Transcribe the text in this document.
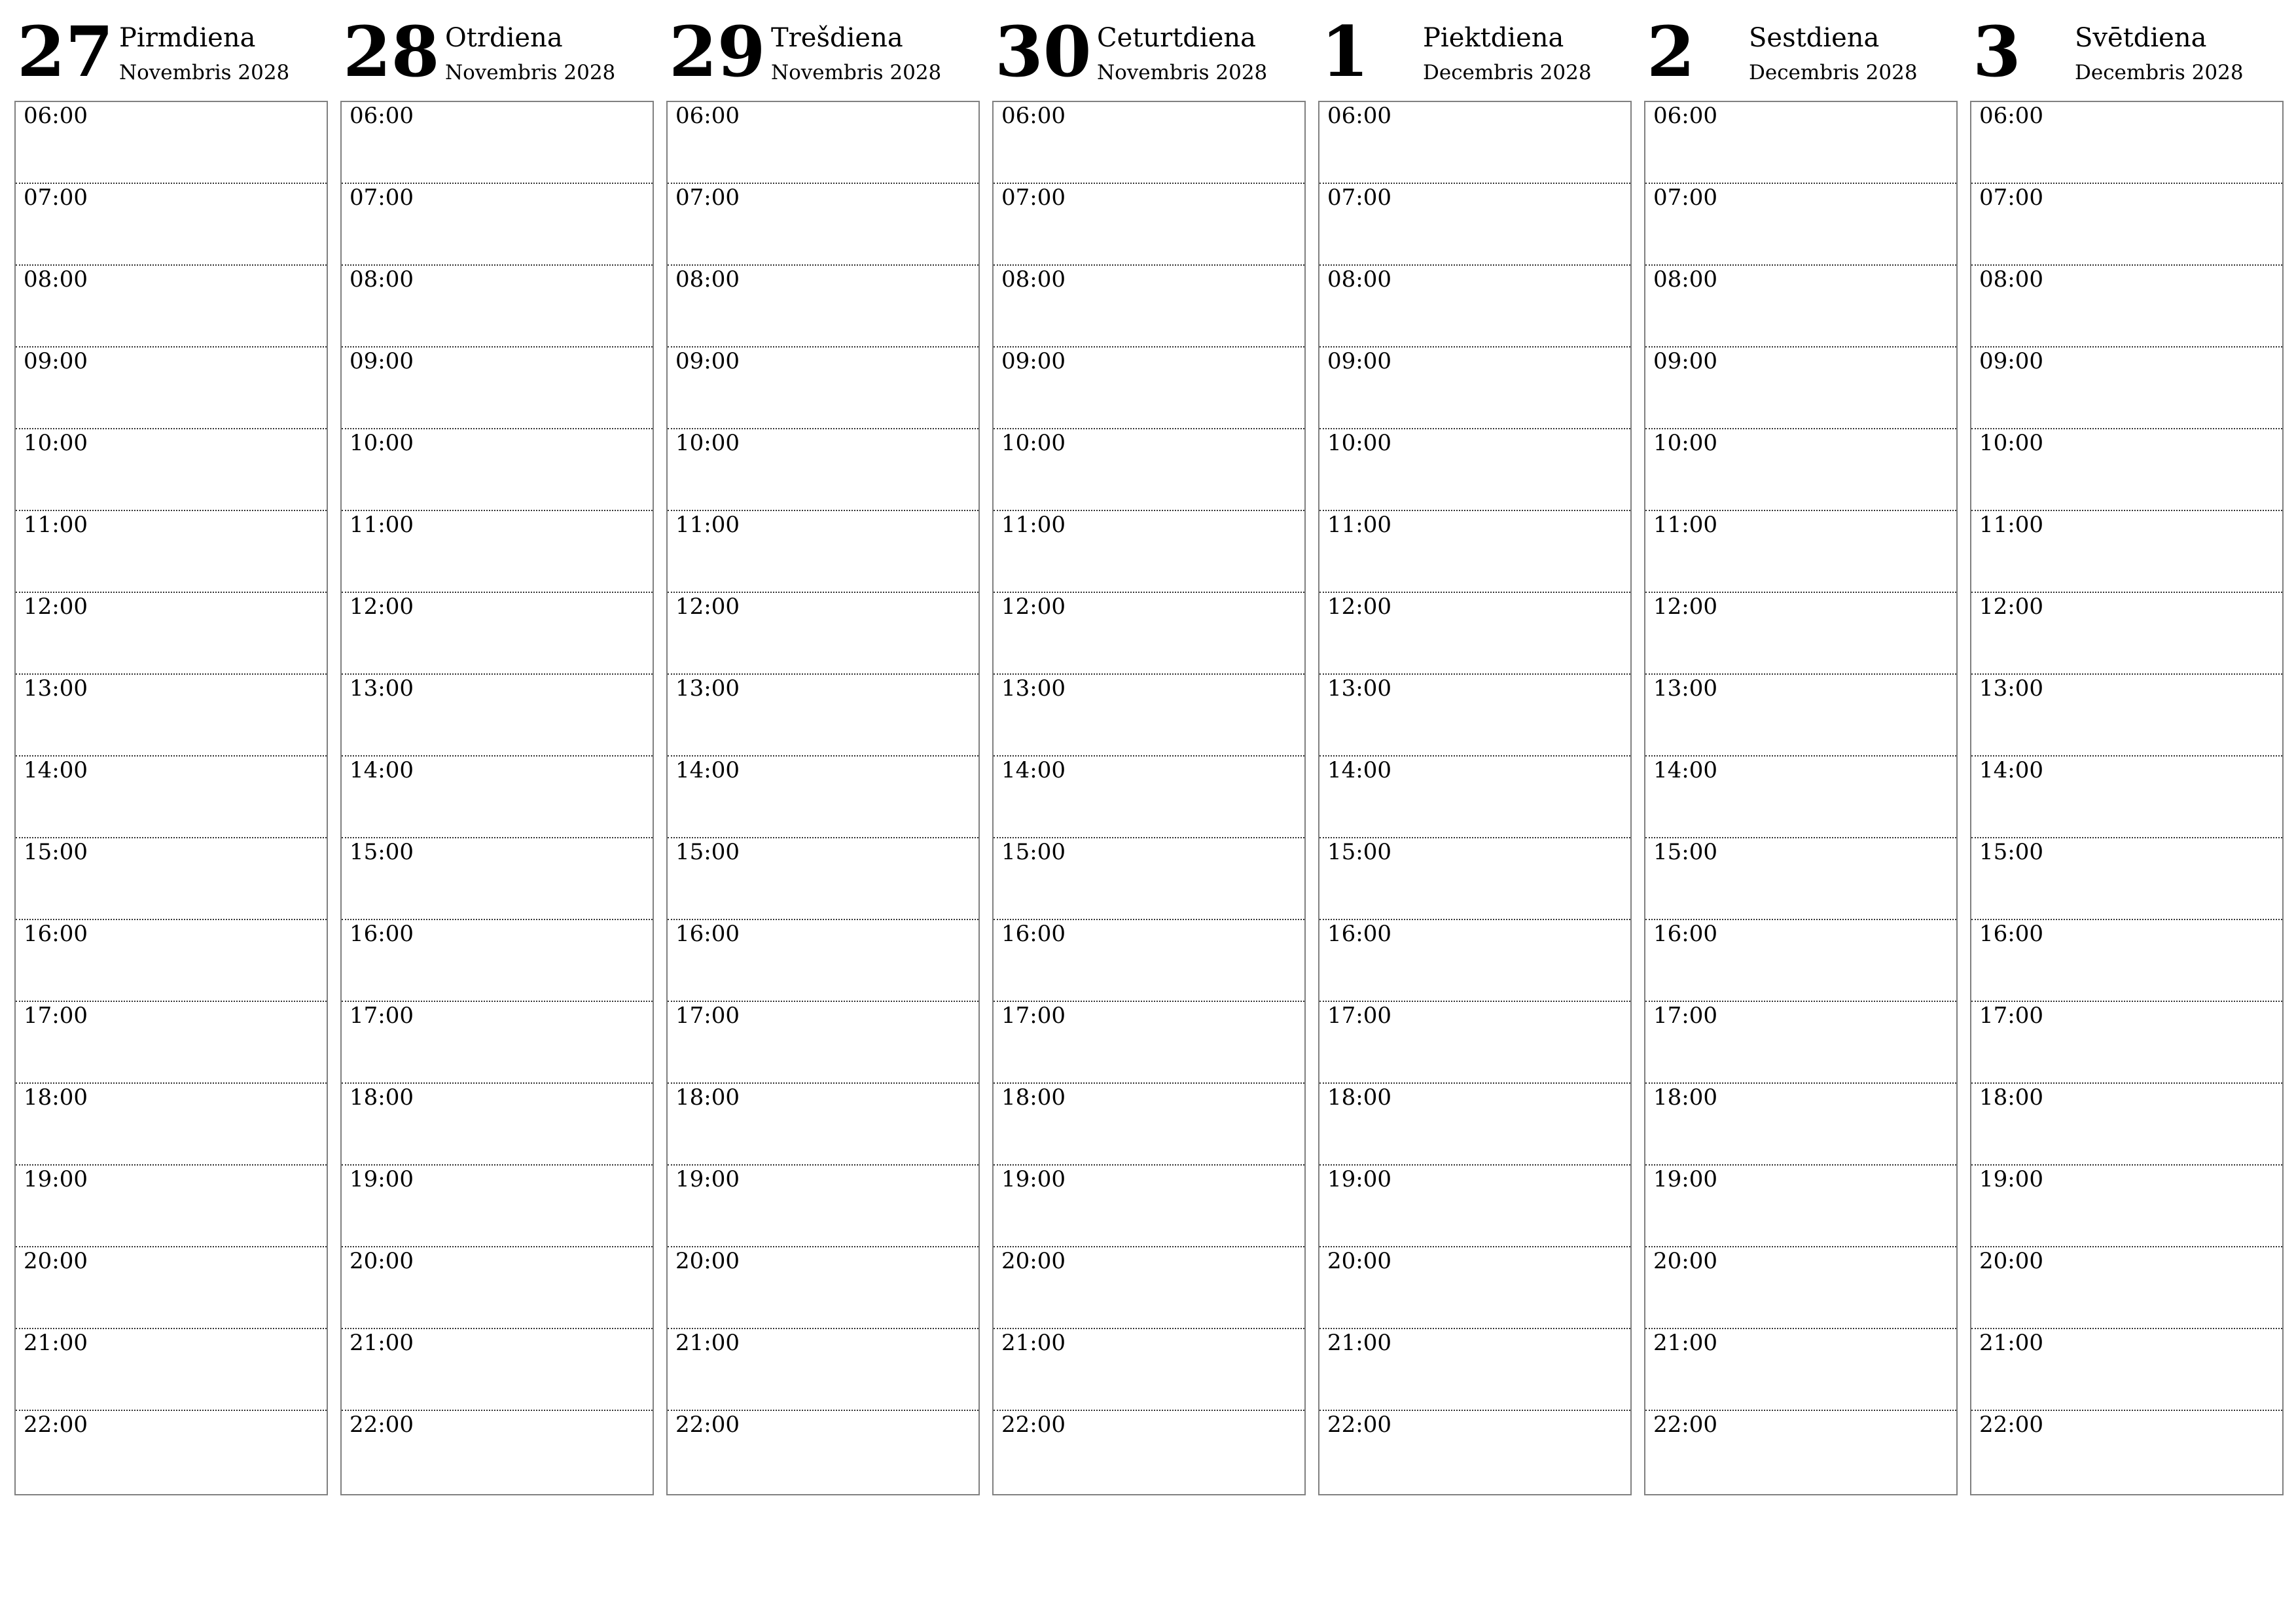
27 Pirmdiena
Novembris 2028
06:00
07:00
08:00
09:00
10:00
11:00
12:00
13:00
14:00
15:00
16:00
17:00
18:00
19:00
20:00
21:00
22:00
28 Otrdiena
Novembris 2028
06:00
07:00
08:00
09:00
10:00
11:00
12:00
13:00
14:00
15:00
16:00
17:00
18:00
19:00
20:00
21:00
22:00
29 Trešdiena
Novembris 2028
06:00
07:00
08:00
09:00
10:00
11:00
12:00
13:00
14:00
15:00
16:00
17:00
18:00
19:00
20:00
21:00
22:00
30 Ceturtdiena
Novembris 2028
06:00
07:00
08:00
09:00
10:00
11:00
12:00
13:00
14:00
15:00
16:00
17:00
18:00
19:00
20:00
21:00
22:00
1 Piektdiena
Decembris 2028
06:00
07:00
08:00
09:00
10:00
11:00
12:00
13:00
14:00
15:00
16:00
17:00
18:00
19:00
20:00
21:00
22:00
2 Sestdiena
Decembris 2028
06:00
07:00
08:00
09:00
10:00
11:00
12:00
13:00
14:00
15:00
16:00
17:00
18:00
19:00
20:00
21:00
22:00
3 Svētdiena
Decembris 2028
06:00
07:00
08:00
09:00
10:00
11:00
12:00
13:00
14:00
15:00
16:00
17:00
18:00
19:00
20:00
21:00
22:00
